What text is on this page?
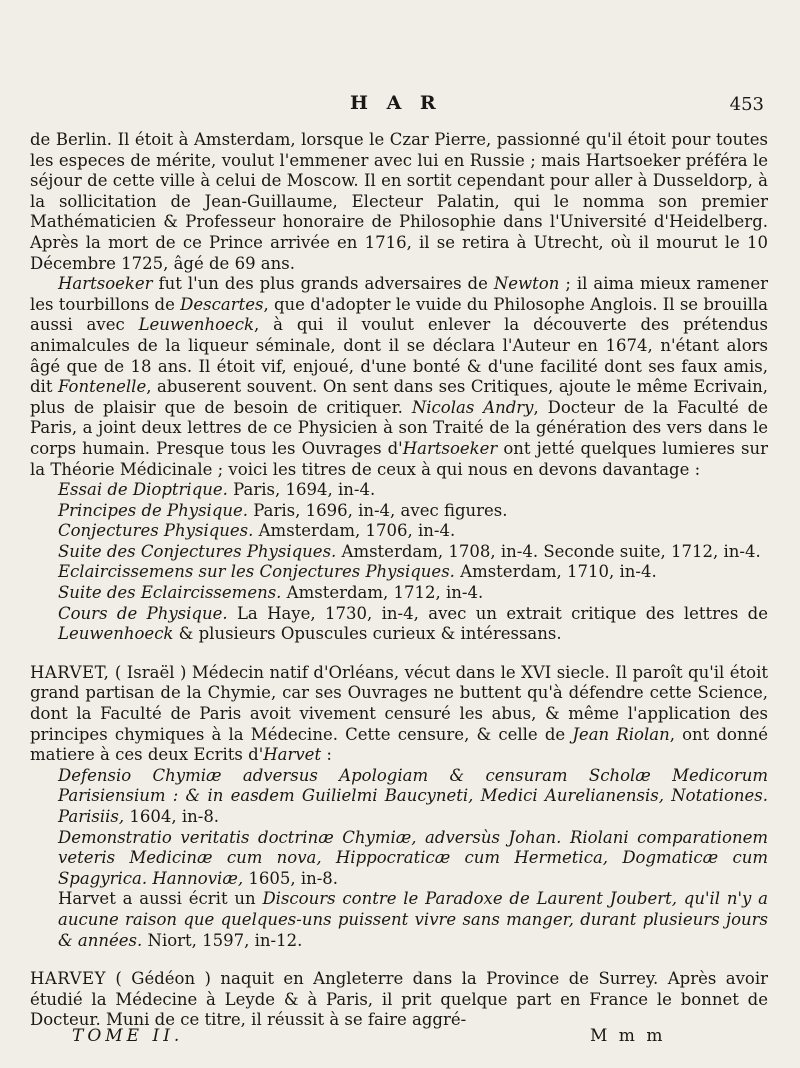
H A R	453

de Berlin. Il étoit à Amsterdam, lorsque le Czar Pierre, passionné qu'il étoit pour toutes les especes de mérite, voulut l'emmener avec lui en Russie ; mais Hartsoeker préféra le séjour de cette ville à celui de Moscow. Il en sortit cependant pour aller à Dusseldorp, à la sollicitation de Jean-Guillaume, Electeur Palatin, qui le nomma son premier Mathématicien & Professeur honoraire de Philosophie dans l'Université d'Heidelberg. Après la mort de ce Prince arrivée en 1716, il se retira à Utrecht, où il mourut le 10 Décembre 1725, âgé de 69 ans.

Hartsoeker fut l'un des plus grands adversaires de Newton ; il aima mieux ramener les tourbillons de Descartes, que d'adopter le vuide du Philosophe Anglois. Il se brouilla aussi avec Leuwenhoeck, à qui il voulut enlever la découverte des prétendus animalcules de la liqueur séminale, dont il se déclara l'Auteur en 1674, n'étant alors âgé que de 18 ans. Il étoit vif, enjoué, d'une bonté & d'une facilité dont ses faux amis, dit Fontenelle, abuserent souvent. On sent dans ses Critiques, ajoute le même Ecrivain, plus de plaisir que de besoin de critiquer. Nicolas Andry, Docteur de la Faculté de Paris, a joint deux lettres de ce Physicien à son Traité de la génération des vers dans le corps humain. Presque tous les Ouvrages d'Hartsoeker ont jetté quelques lumieres sur la Théorie Médicinale ; voici les titres de ceux à qui nous en devons davantage :

Essai de Dioptrique. Paris, 1694, in-4.

Principes de Physique. Paris, 1696, in-4, avec figures.

Conjectures Physiques. Amsterdam, 1706, in-4.

Suite des Conjectures Physiques. Amsterdam, 1708, in-4. Seconde suite, 1712, in-4.

Eclaircissemens sur les Conjectures Physiques. Amsterdam, 1710, in-4.

Suite des Eclaircissemens. Amsterdam, 1712, in-4.

Cours de Physique. La Haye, 1730, in-4, avec un extrait critique des lettres de Leuwenhoeck & plusieurs Opuscules curieux & intéressans.

HARVET, ( Israël ) Médecin natif d'Orléans, vécut dans le XVI siecle. Il paroît qu'il étoit grand partisan de la Chymie, car ses Ouvrages ne buttent qu'à défendre cette Science, dont la Faculté de Paris avoit vivement censuré les abus, & même l'application des principes chymiques à la Médecine. Cette censure, & celle de Jean Riolan, ont donné matiere à ces deux Ecrits d'Harvet :

Defensio Chymiæ adversus Apologiam & censuram Scholæ Medicorum Parisiensium : & in easdem Guilielmi Baucyneti, Medici Aurelianensis, Notationes. Parisiis, 1604, in-8.

Demonstratio veritatis doctrinæ Chymiæ, adversùs Johan. Riolani comparationem veteris Medicinæ cum nova, Hippocraticæ cum Hermetica, Dogmaticæ cum Spagyrica. Hannoviæ, 1605, in-8.

Harvet a aussi écrit un Discours contre le Paradoxe de Laurent Joubert, qu'il n'y a aucune raison que quelques-uns puissent vivre sans manger, durant plusieurs jours & années. Niort, 1597, in-12.

HARVEY ( Gédéon ) naquit en Angleterre dans la Province de Surrey. Après avoir étudié la Médecine à Leyde & à Paris, il prit quelque part en France le bonnet de Docteur. Muni de ce titre, il réussit à se faire aggré-

TOME II.	M m m
